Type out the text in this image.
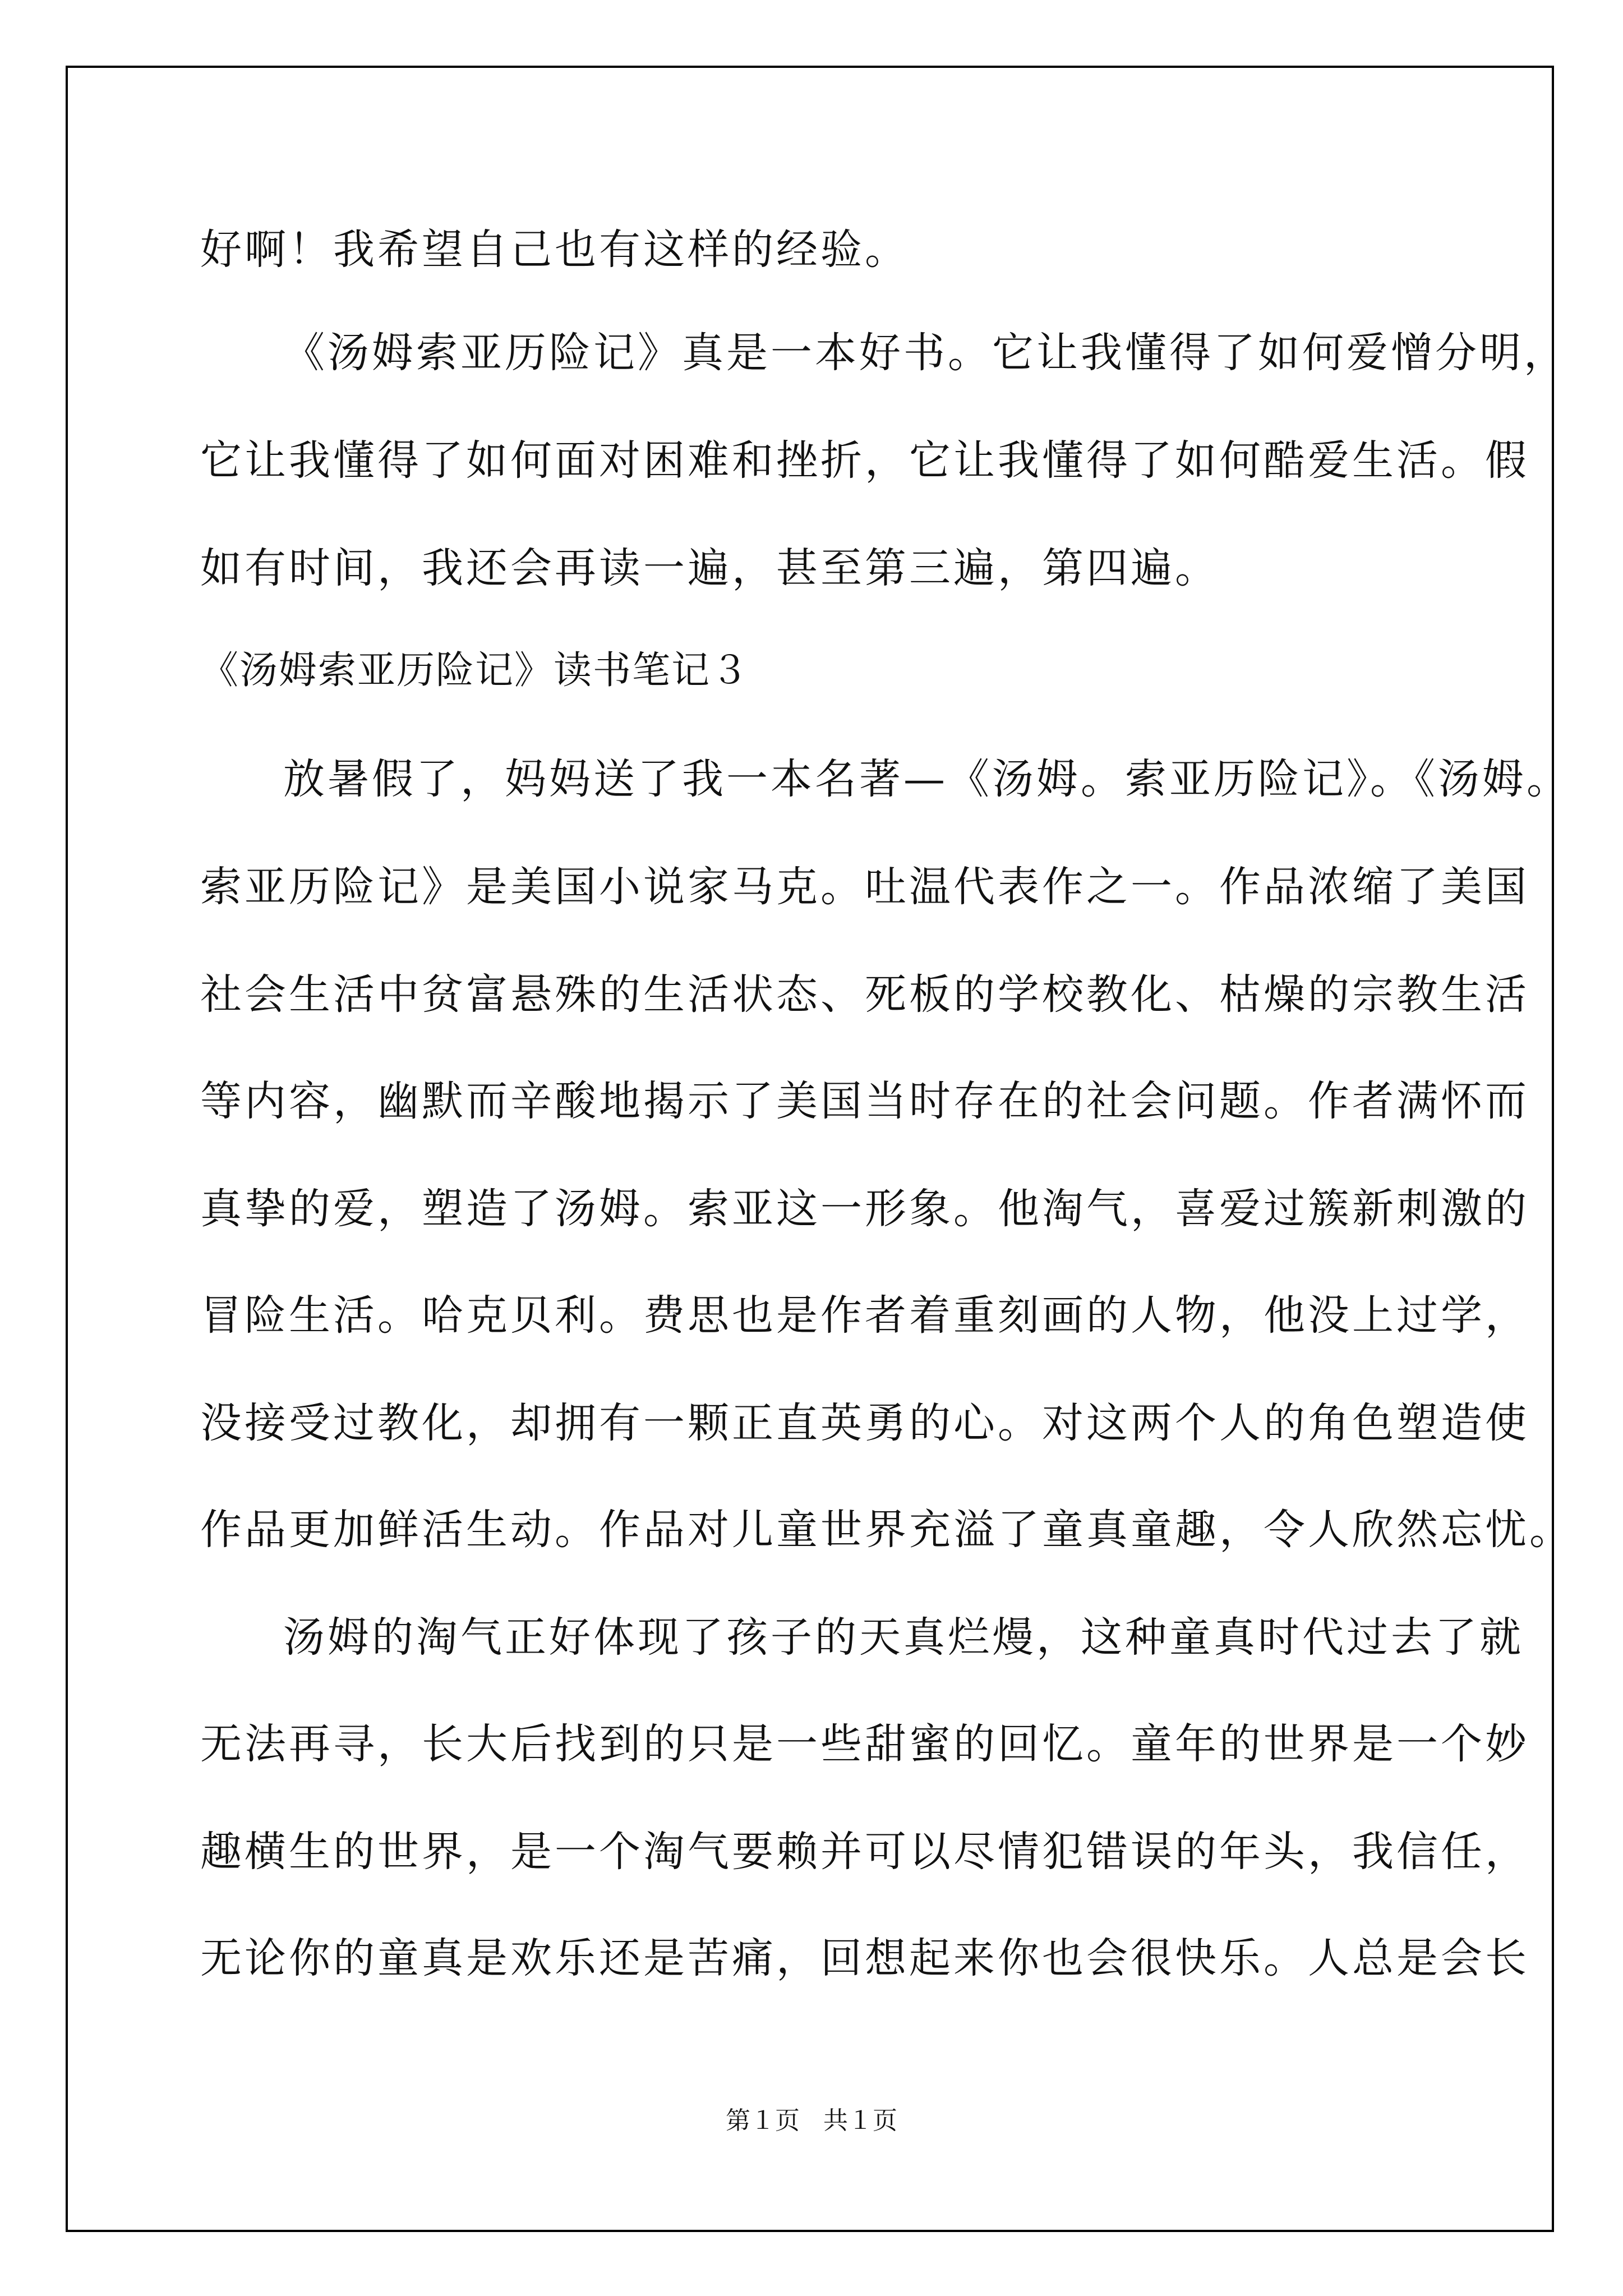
好啊！我希望自己也有这样的经验。

《汤姆索亚历险记》真是一本好书。它让我懂得了如何爱憎分明，

它让我懂得了如何面对困难和挫折，它让我懂得了如何酷爱生活。假

如有时间，我还会再读一遍，甚至第三遍，第四遍。

《汤姆索亚历险记》读书笔记３

放暑假了，妈妈送了我一本名著—《汤姆。索亚历险记》。《汤姆。

索亚历险记》是美国小说家马克。吐温代表作之一。作品浓缩了美国

社会生活中贫富悬殊的生活状态、死板的学校教化、枯燥的宗教生活

等内容，幽默而辛酸地揭示了美国当时存在的社会问题。作者满怀而

真挚的爱，塑造了汤姆。索亚这一形象。他淘气，喜爱过簇新刺激的

冒险生活。哈克贝利。费思也是作者着重刻画的人物，他没上过学，

没接受过教化，却拥有一颗正直英勇的心。对这两个人的角色塑造使

作品更加鲜活生动。作品对儿童世界充溢了童真童趣，令人欣然忘忧。

汤姆的淘气正好体现了孩子的天真烂熳，这种童真时代过去了就

无法再寻，长大后找到的只是一些甜蜜的回忆。童年的世界是一个妙

趣横生的世界，是一个淘气要赖并可以尽情犯错误的年头，我信任，

无论你的童真是欢乐还是苦痛，回想起来你也会很快乐。人总是会长

第１页   共１页
